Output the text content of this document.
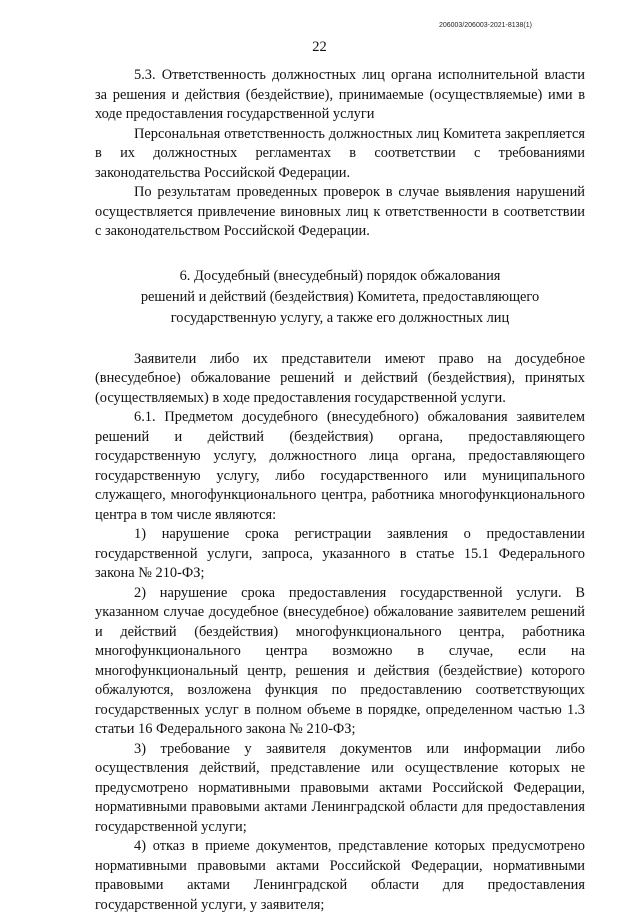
206003/206003-2021-8138(1)
22

5.3. Ответственность должностных лиц органа исполнительной власти за решения и действия (бездействие), принимаемые (осуществляемые) ими в ходе предоставления государственной услуги

Персональная ответственность должностных лиц Комитета закрепляется в их должностных регламентах в соответствии с требованиями законодательства Российской Федерации.

По результатам проведенных проверок в случае выявления нарушений осуществляется привлечение виновных лиц к ответственности в соответствии с законодательством Российской Федерации.

6. Досудебный (внесудебный) порядок обжалования
решений и действий (бездействия) Комитета, предоставляющего
государственную услугу, а также его должностных лиц

Заявители либо их представители имеют право на досудебное (внесудебное) обжалование решений и действий (бездействия), принятых (осуществляемых) в ходе предоставления государственной услуги.

6.1. Предметом досудебного (внесудебного) обжалования заявителем решений и действий (бездействия) органа, предоставляющего государственную услугу, должностного лица органа, предоставляющего государственную услугу, либо государственного или муниципального служащего, многофункционального центра, работника многофункционального центра в том числе являются:

1) нарушение срока регистрации заявления о предоставлении государственной услуги, запроса, указанного в статье 15.1 Федерального закона № 210-ФЗ;

2) нарушение срока предоставления государственной услуги. В указанном случае досудебное (внесудебное) обжалование заявителем решений и действий (бездействия) многофункционального центра, работника многофункционального центра возможно в случае, если на многофункциональный центр, решения и действия (бездействие) которого обжалуются, возложена функция по предоставлению соответствующих государственных услуг в полном объеме в порядке, определенном частью 1.3 статьи 16 Федерального закона № 210-ФЗ;

3) требование у заявителя документов или информации либо осуществления действий, представление или осуществление которых не предусмотрено нормативными правовыми актами Российской Федерации, нормативными правовыми актами Ленинградской области для предоставления государственной услуги;

4) отказ в приеме документов, представление которых предусмотрено нормативными правовыми актами Российской Федерации, нормативными правовыми актами Ленинградской области для предоставления государственной услуги, у заявителя;
